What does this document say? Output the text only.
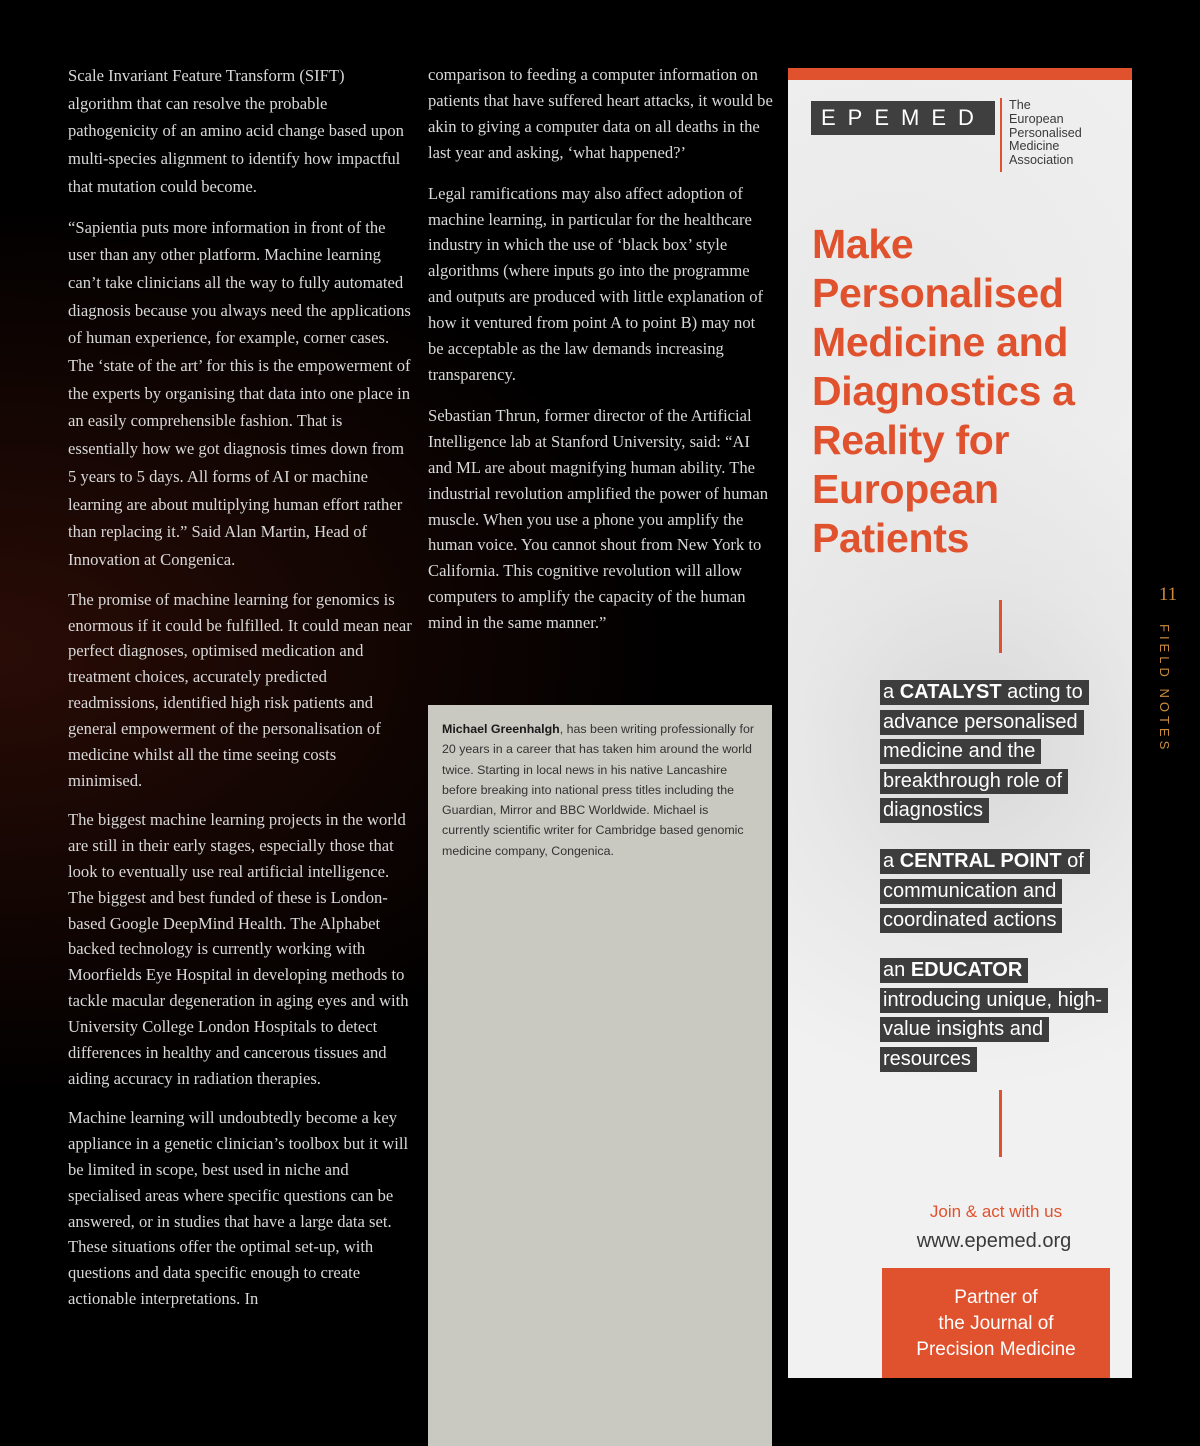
Scale Invariant Feature Transform (SIFT) algorithm that can resolve the probable pathogenicity of an amino acid change based upon multi-species alignment to identify how impactful that mutation could become.

“Sapientia puts more information in front of the user than any other platform. Machine learning can’t take clinicians all the way to fully automated diagnosis because you always need the applications of human experience, for example, corner cases. The ‘state of the art’ for this is the empowerment of the experts by organising that data into one place in an easily comprehensible fashion. That is essentially how we got diagnosis times down from 5 years to 5 days. All forms of AI or machine learning are about multiplying human effort rather than replacing it.” Said Alan Martin, Head of Innovation at Congenica.

The promise of machine learning for genomics is enormous if it could be fulfilled. It could mean near perfect diagnoses, optimised medication and treatment choices, accurately predicted readmissions, identified high risk patients and general empowerment of the personalisation of medicine whilst all the time seeing costs minimised.

The biggest machine learning projects in the world are still in their early stages, especially those that look to eventually use real artificial intelligence. The biggest and best funded of these is London-based Google DeepMind Health. The Alphabet backed technology is currently working with Moorfields Eye Hospital in developing methods to tackle macular degeneration in aging eyes and with University College London Hospitals to detect differences in healthy and cancerous tissues and aiding accuracy in radiation therapies.

Machine learning will undoubtedly become a key appliance in a genetic clinician’s toolbox but it will be limited in scope, best used in niche and specialised areas where specific questions can be answered, or in studies that have a large data set. These situations offer the optimal set-up, with questions and data specific enough to create actionable interpretations. In

comparison to feeding a computer information on patients that have suffered heart attacks, it would be akin to giving a computer data on all deaths in the last year and asking, ‘what happened?’

Legal ramifications may also affect adoption of machine learning, in particular for the healthcare industry in which the use of ‘black box’ style algorithms (where inputs go into the programme and outputs are produced with little explanation of how it ventured from point A to point B) may not be acceptable as the law demands increasing transparency.

Sebastian Thrun, former director of the Artificial Intelligence lab at Stanford University, said: “AI and ML are about magnifying human ability. The industrial revolution amplified the power of human muscle. When you use a phone you amplify the human voice. You cannot shout from New York to California. This cognitive revolution will allow computers to amplify the capacity of the human mind in the same manner.”

Michael Greenhalgh, has been writing professionally for 20 years in a career that has taken him around the world twice. Starting in local news in his native Lancashire before breaking into national press titles including the Guardian, Mirror and BBC Worldwide. Michael is currently scientific writer for Cambridge based genomic medicine company, Congenica.
11
FIELD NOTES
EPEMED	The
European
Personalised
Medicine
Association
Make Personalised Medicine and Diagnostics a Reality for European Patients
a CATALYST acting to advance personalised medicine and the breakthrough role of diagnostics
a CENTRAL POINT of communication and coordinated actions
an EDUCATOR introducing unique, high-value insights and resources
Join & act with us
www.epemed.org
Partner of
the Journal of
Precision Medicine
